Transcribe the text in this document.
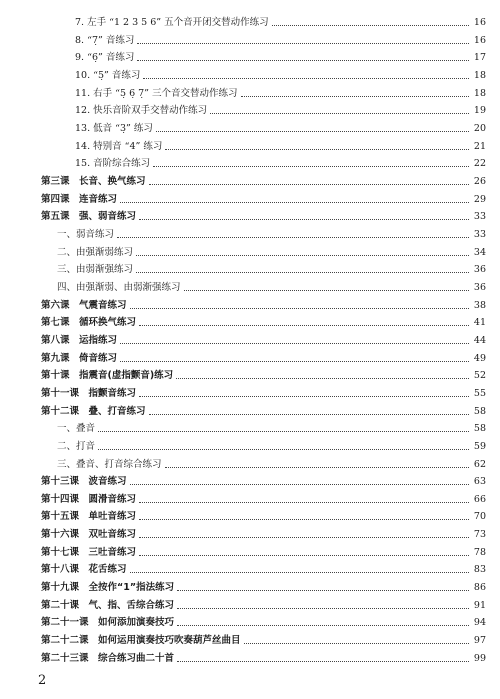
7. 左手 “1 2 3 5 6” 五个音开闭交替动作练习	16
8. “7̣” 音练习	16
9. “6̣” 音练习	17
10. “5̣” 音练习	18
11. 右手 “5̣ 6̣ 7̣” 三个音交替动作练习	18
12. 快乐音阶双手交替动作练习	19
13. 低音 “3̣” 练习	20
14. 特别音 “4” 练习	21
15. 音阶综合练习	22
第三课　长音、换气练习	26
第四课　连音练习	29
第五课　强、弱音练习	33
一、弱音练习	33
二、由强渐弱练习	34
三、由弱渐强练习	36
四、由强渐弱、由弱渐强练习	36
第六课　气震音练习	38
第七课　循环换气练习	41
第八课　运指练习	44
第九课　倚音练习	49
第十课　指震音(虚指颤音)练习	52
第十一课　指颤音练习	55
第十二课　叠、打音练习	58
一、叠音	58
二、打音	59
三、叠音、打音综合练习	62
第十三课　波音练习	63
第十四课　圆滑音练习	66
第十五课　单吐音练习	70
第十六课　双吐音练习	73
第十七课　三吐音练习	78
第十八课　花舌练习	83
第十九课　全按作“1”指法练习	86
第二十课　气、指、舌综合练习	91
第二十一课　如何添加演奏技巧	94
第二十二课　如何运用演奏技巧吹奏葫芦丝曲目	97
第二十三课　综合练习曲二十首	99
2
